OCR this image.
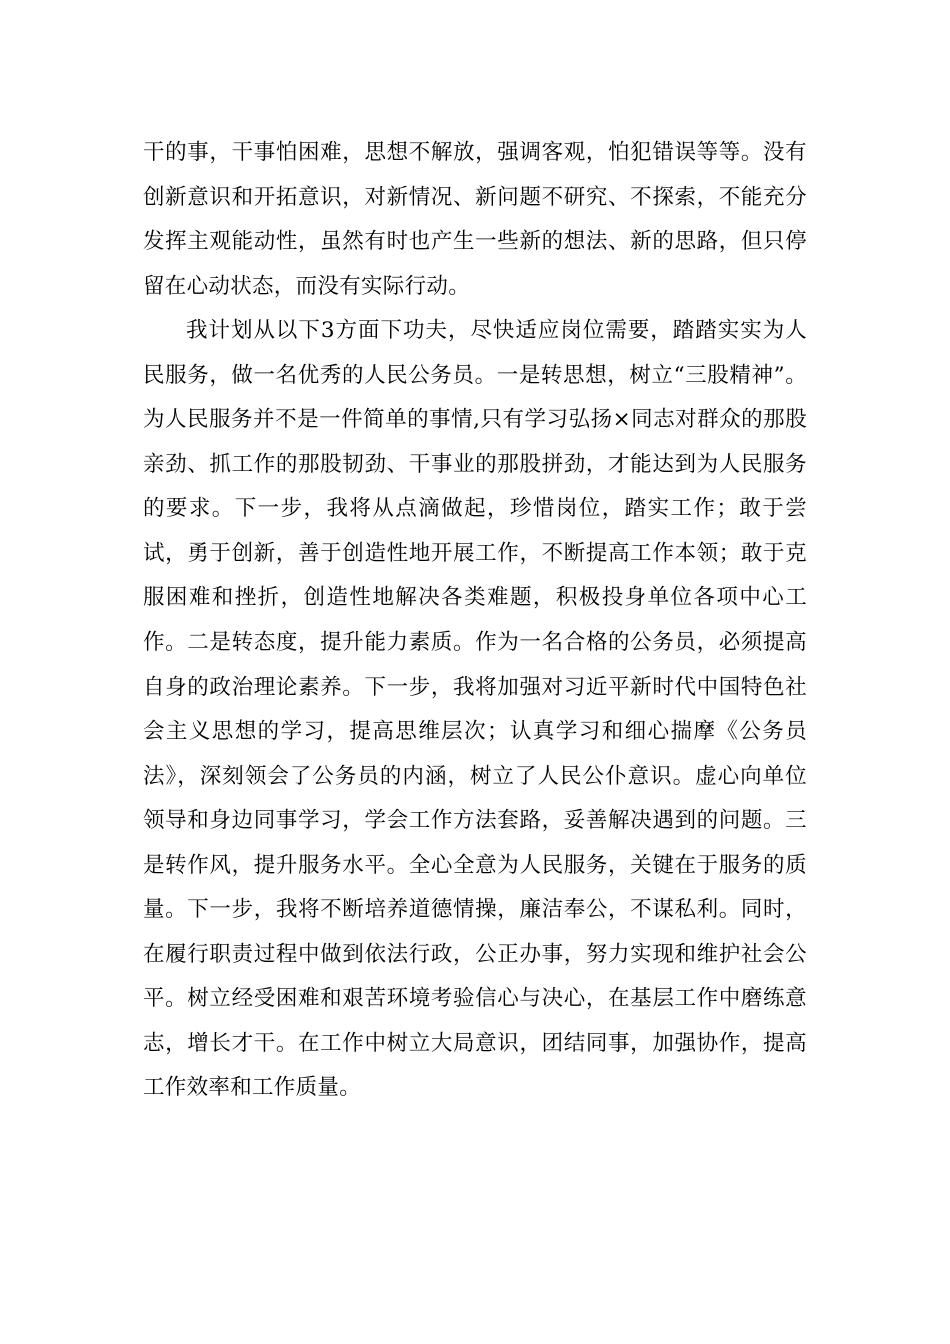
干的事，干事怕困难，思想不解放，强调客观，怕犯错误等等。没有创新意识和开拓意识，对新情况、新问题不研究、不探索，不能充分发挥主观能动性，虽然有时也产生一些新的想法、新的思路，但只停留在心动状态，而没有实际行动。

我计划从以下3方面下功夫，尽快适应岗位需要，踏踏实实为人民服务，做一名优秀的人民公务员。一是转思想，树立“三股精神”。为人民服务并不是一件简单的事情,只有学习弘扬×同志对群众的那股亲劲、抓工作的那股韧劲、干事业的那股拼劲，才能达到为人民服务的要求。下一步，我将从点滴做起，珍惜岗位，踏实工作；敢于尝试，勇于创新，善于创造性地开展工作，不断提高工作本领；敢于克服困难和挫折，创造性地解决各类难题，积极投身单位各项中心工作。二是转态度，提升能力素质。作为一名合格的公务员，必须提高自身的政治理论素养。下一步，我将加强对习近平新时代中国特色社会主义思想的学习，提高思维层次；认真学习和细心揣摩《公务员法》，深刻领会了公务员的内涵，树立了人民公仆意识。虚心向单位领导和身边同事学习，学会工作方法套路，妥善解决遇到的问题。三是转作风，提升服务水平。全心全意为人民服务，关键在于服务的质量。下一步，我将不断培养道德情操，廉洁奉公，不谋私利。同时，在履行职责过程中做到依法行政，公正办事，努力实现和维护社会公平。树立经受困难和艰苦环境考验信心与决心，在基层工作中磨练意志，增长才干。在工作中树立大局意识，团结同事，加强协作，提高工作效率和工作质量。
